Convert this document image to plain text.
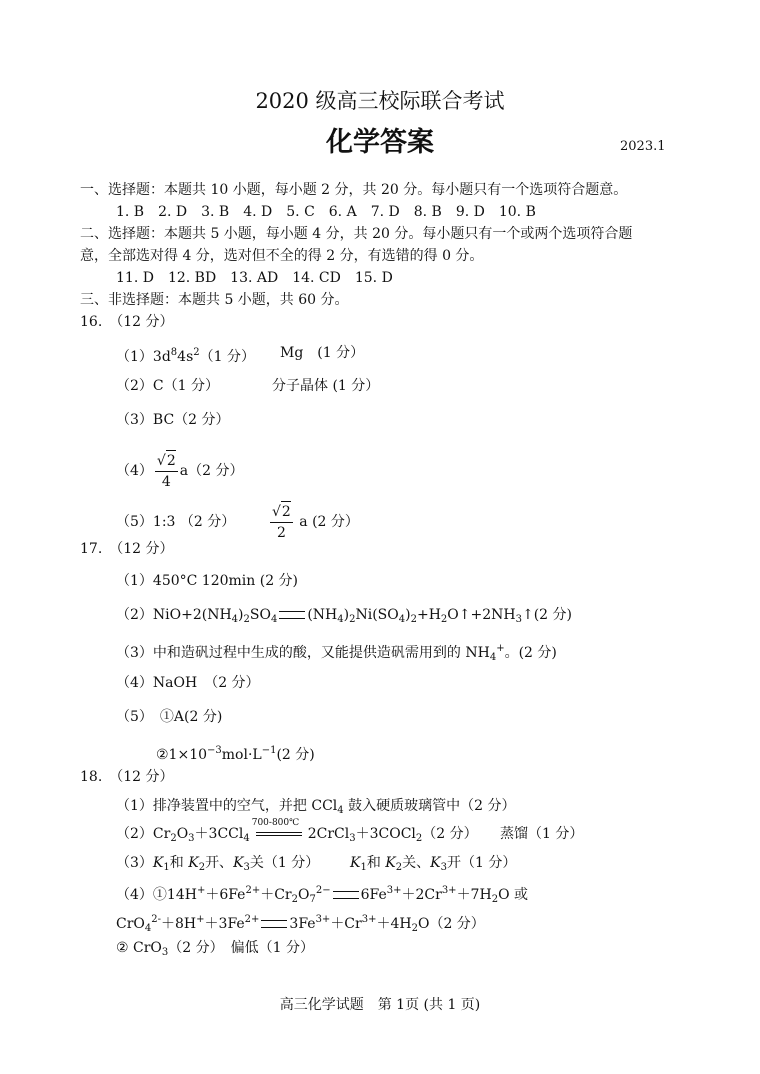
2020 级高三校际联合考试
化学答案	2023.1
一、选择题：本题共 10 小题，每小题 2 分，共 20 分。每小题只有一个选项符合题意。
1. B　2. D　3. B　4. D　5. C　6. A　7. D　8. B　9. D　10. B
二、选择题：本题共 5 小题，每小题 4 分，共 20 分。每小题只有一个或两个选项符合题
意，全部选对得 4 分，选对但不全的得 2 分，有选错的得 0 分。
11. D　12. BD　13. AD　14. CD　15. D
三、非选择题：本题共 5 小题，共 60 分。
16.　（12 分）
$(1)3d^84s^2(1$ 分） Mg　(1 分）
（2）C（1 分）	分子晶体 (1 分）
（3）BC（2 分）
$(4) \frac{√2}{4} a(2$ 分）
（5）1:3 （2 分） $\frac{√2}{2}$ a (2 分）
17.　（12 分）
（1）450°C 120min (2 分)
$(2)NiO+2(NH_4)_2SO_4$ $(NH_4)_2Ni(SO_4)_2+H_2O↑+2NH_3↑(2$ 分)
（3）中和造矾过程中生成的酸，又能提供造矾需用到的 $NH_4^+$。(2 分)
（4）NaOH　（2 分）
（5）　①A(2 分)
$②1\times 10^{-3}mol\cdot L^{-1}(2$ 分)
18.　（12 分）
（1）排净装置中的空气，并把 CCl$_4$ 鼓入硬质玻璃管中（2 分）
$(2)Cr_2O_3+3CCl_4$
700-800℃
2CrCl$_3$＋3COCl$_2$（2 分） 蒸馏（1 分）
$(3)K_1$和 $K_2$开、$K_3$关（1 分） $K_1$和 $K_2$关、$K_3$开（1 分）
$(4)①14H^++6Fe^{2+}+Cr_2O_7^{2-}$ $6Fe^{3+}+2Cr^{3+}+7H_2O$ 或
$CrO_4^{2-}+8H^++3Fe^{2+}$ $3Fe^{3+}+Cr^{3+}+4H_2O(2$ 分）
② CrO$_3$（2 分）　偏低（1 分）
高三化学试题　第 1页 (共 1 页)
